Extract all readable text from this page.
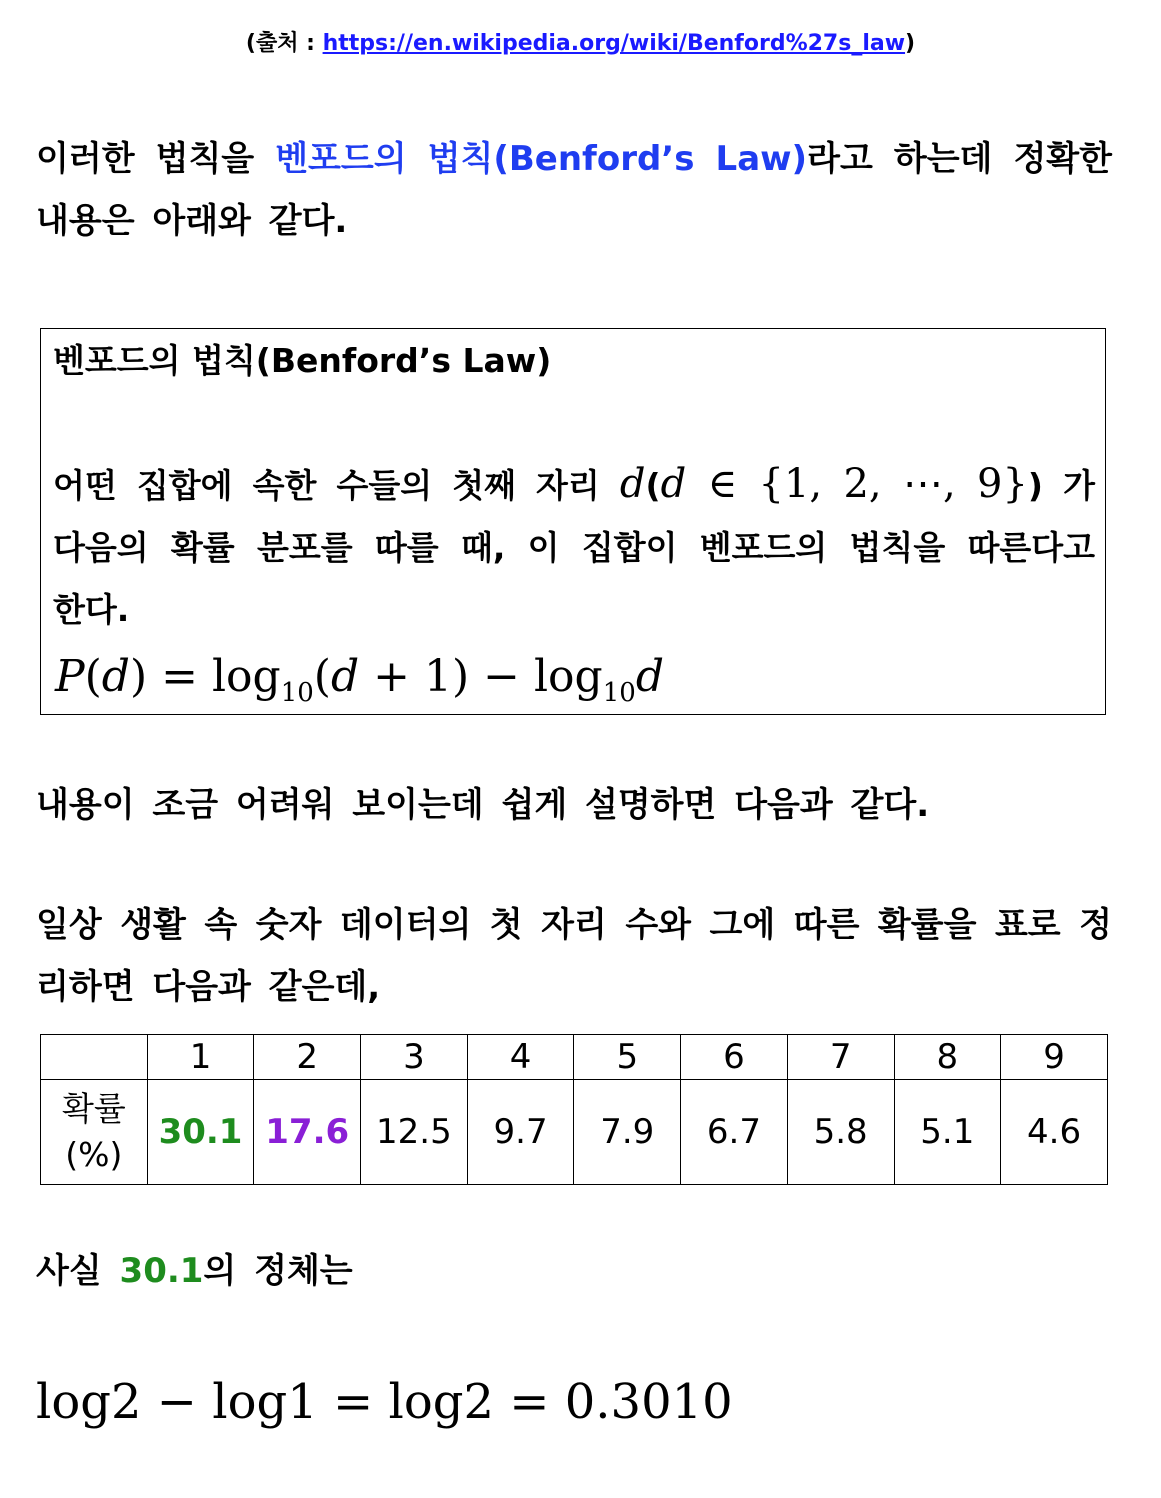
(출처 : https://en.wikipedia.org/wiki/Benford%27s_law)
이러한 법칙을 벤포드의 법칙(Benford’s Law)라고 하는데 정확한 내용은 아래와 같다.
벤포드의 법칙(Benford’s Law)
어떤 집합에 속한 수들의 첫째 자리 d(d ∈ {1, 2, ⋯, 9}) 가 다음의 확률 분포를 따를 때, 이 집합이 벤포드의 법칙을 따른다고 한다.
$P(d) = \log_{10}(d + 1) - \log_{10}d$
내용이 조금 어려워 보이는데 쉽게 설명하면 다음과 같다.
일상 생활 속 숫자 데이터의 첫 자리 수와 그에 따른 확률을 표로 정리하면 다음과 같은데,
	1	2	3	4	5	6	7	8	9

확률
(%)	30.1	17.6	12.5	9.7	7.9	6.7	5.8	5.1	4.6
사실 30.1의 정체는
log2 − log1 = log2 = 0.3010
